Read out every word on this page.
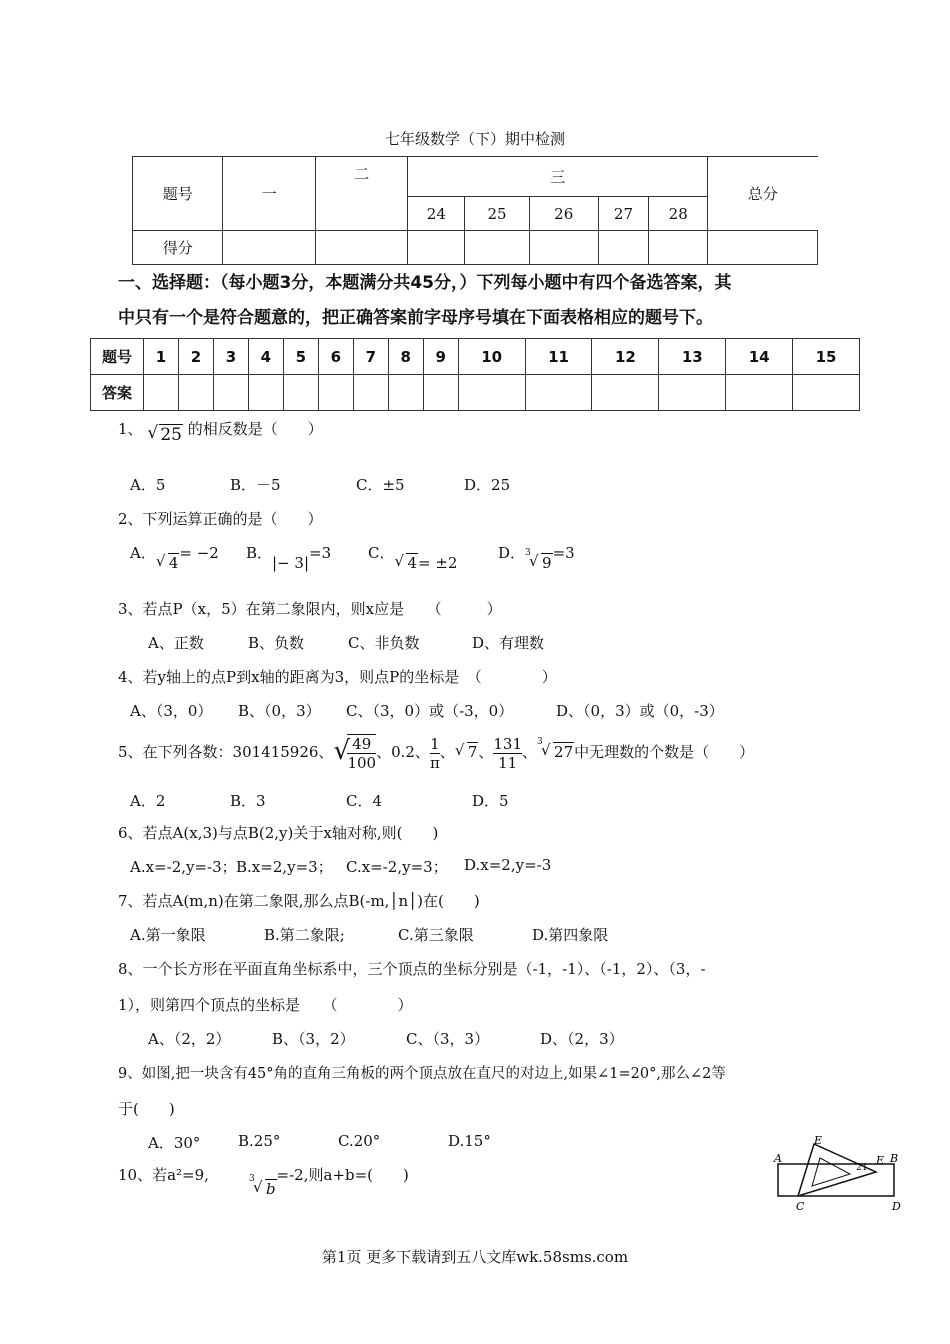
七年级数学（下）期中检测
题号	一	二	三					总分
			24	25	26	27	28	
得分								
一、选择题：（每小题3分，本题满分共45分，）下列每小题中有四个备选答案，其
中只有一个是符合题意的，把正确答案前字母序号填在下面表格相应的题号下。
题号	1	2	3	4	5	6	7	8	9	10	11	12	13	14	15
答案															
1、 √ 25 的相反数是（　　）
A．5	B．－5	C．±5	D．25
2、下列运算正确的是（　　）
A． √ 4= −2 B．|− 3|=3 C． √ 4= ±2
D． 3
√ 9=3
3、若点P（x，5）在第二象限内，则x应是　　（　　　）
A、正数	B、负数	C、非负数	D、有理数
4、若y轴上的点P到x轴的距离为3，则点P的坐标是　（　　　　）
A、（3，0） B、（0，3） C、（3，0）或（-3，0）	D、（0，3）或（0，-3）
5、在下列各数：301415926、 √
$\frac{49}{100}$ 、0.2、 $\frac{1}{\pi}$ 、 √ 7、 $\frac{131}{11}$ 、
3
√ 27中无理数的个数是（　　）
A．2	B．3	C．4	D．5
6、若点A(x,3)与点B(2,y)关于x轴对称,则(　　)
A.x=-2,y=-3； B.x=2,y=3； C.x=-2,y=3； D.x=2,y=-3
7、若点A(m,n)在第二象限,那么点B(-m,│n│)在(　　)
A.第一象限	B.第二象限;	C.第三象限	D.第四象限
8、一个长方形在平面直角坐标系中，三个顶点的坐标分别是（-1，-1）、（-1，2）、（3，-
1），则第四个顶点的坐标是　　（　　　　）
A、（2，2）	B、（3，2）	C、（3，3）	D、（2，3）
9、如图,把一块含有45°角的直角三角板的两个顶点放在直尺的对边上,如果∠1=20°,那么∠2等
于(　　)
A．30°	B.25°	C.20°	D.15°
10、若a²=9,	3
√ b=-2,则a+b=(　　)
A
E
E B
C	D
2 1
第1页 更多下载请到五八文库wk.58sms.com
